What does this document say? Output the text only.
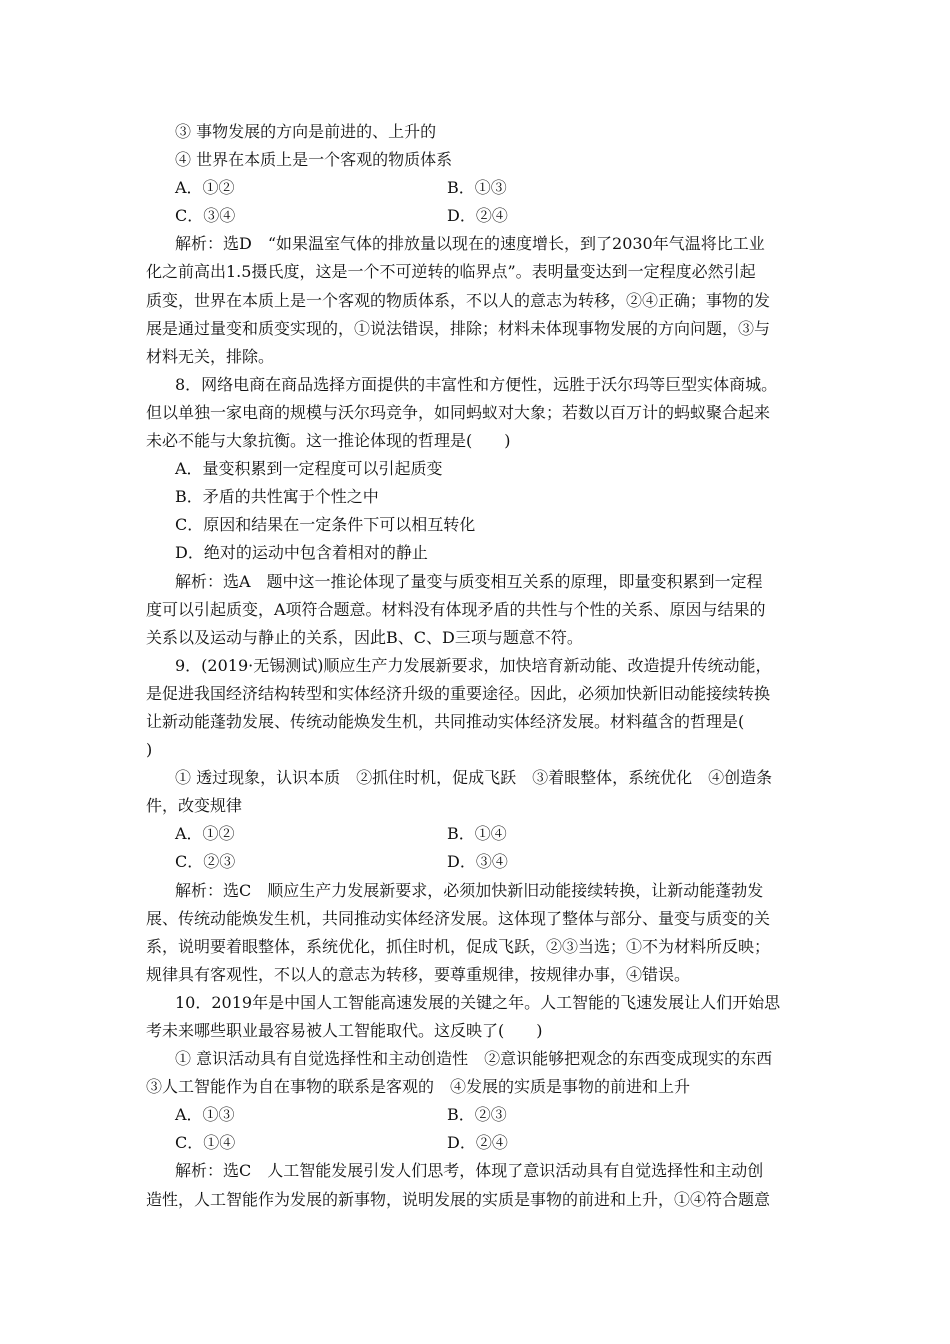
③ 事物发展的方向是前进的、上升的
④ 世界在本质上是一个客观的物质体系
A．①②	B．①③
C．③④	D．②④
解析：选D　“如果温室气体的排放量以现在的速度增长，到了2030年气温将比工业
化之前高出1.5摄氏度，这是一个不可逆转的临界点”。表明量变达到一定程度必然引起
质变，世界在本质上是一个客观的物质体系，不以人的意志为转移，②④正确；事物的发
展是通过量变和质变实现的，①说法错误，排除；材料未体现事物发展的方向问题，③与
材料无关，排除。
8．网络电商在商品选择方面提供的丰富性和方便性，远胜于沃尔玛等巨型实体商城。
但以单独一家电商的规模与沃尔玛竞争，如同蚂蚁对大象；若数以百万计的蚂蚁聚合起来
未必不能与大象抗衡。这一推论体现的哲理是(　　)
A．量变积累到一定程度可以引起质变
B．矛盾的共性寓于个性之中
C．原因和结果在一定条件下可以相互转化
D．绝对的运动中包含着相对的静止
解析：选A　题中这一推论体现了量变与质变相互关系的原理，即量变积累到一定程
度可以引起质变，A项符合题意。材料没有体现矛盾的共性与个性的关系、原因与结果的
关系以及运动与静止的关系，因此B、C、D三项与题意不符。
9．(2019·无锡测试)顺应生产力发展新要求，加快培育新动能、改造提升传统动能，
是促进我国经济结构转型和实体经济升级的重要途径。因此，必须加快新旧动能接续转换
让新动能蓬勃发展、传统动能焕发生机，共同推动实体经济发展。材料蕴含的哲理是(
)
① 透过现象，认识本质　②抓住时机，促成飞跃　③着眼整体，系统优化　④创造条
件，改变规律
A．①②	B．①④
C．②③	D．③④
解析：选C　顺应生产力发展新要求，必须加快新旧动能接续转换，让新动能蓬勃发
展、传统动能焕发生机，共同推动实体经济发展。这体现了整体与部分、量变与质变的关
系，说明要着眼整体，系统优化，抓住时机，促成飞跃，②③当选；①不为材料所反映；
规律具有客观性，不以人的意志为转移，要尊重规律，按规律办事，④错误。
10．2019年是中国人工智能高速发展的关键之年。人工智能的飞速发展让人们开始思
考未来哪些职业最容易被人工智能取代。这反映了(　　)
① 意识活动具有自觉选择性和主动创造性　②意识能够把观念的东西变成现实的东西
③人工智能作为自在事物的联系是客观的　④发展的实质是事物的前进和上升
A．①③	B．②③
C．①④	D．②④
解析：选C　人工智能发展引发人们思考，体现了意识活动具有自觉选择性和主动创
造性，人工智能作为发展的新事物，说明发展的实质是事物的前进和上升，①④符合题意
